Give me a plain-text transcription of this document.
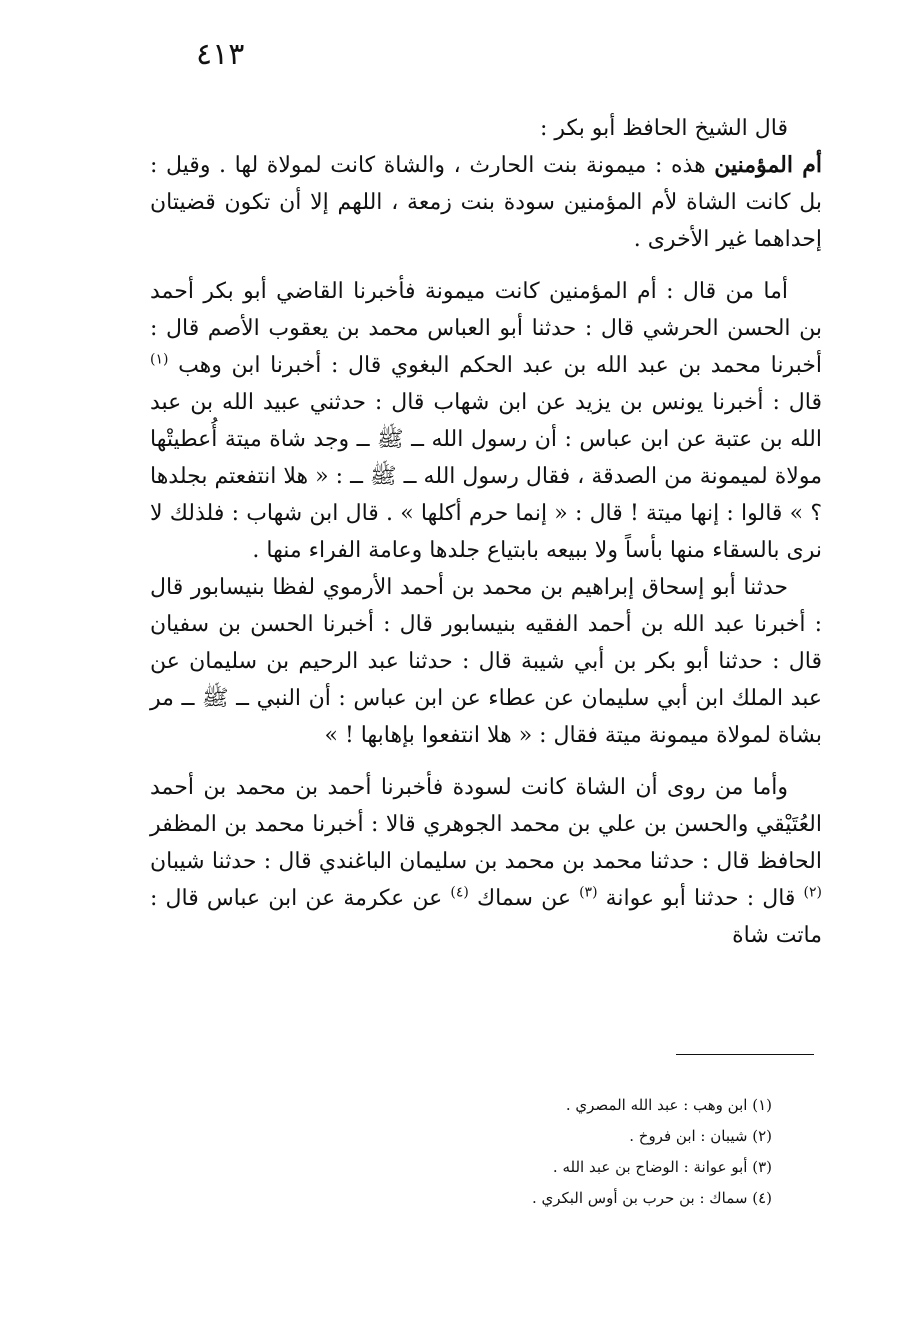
٤١٣

قال الشيخ الحافظ أبو بكر :

أم المؤمنين هذه : ميمونة بنت الحارث ، والشاة كانت لمولاة لها . وقيل : بل كانت الشاة لأم المؤمنين سودة بنت زمعة ، اللهم إلا أن تكون قضيتان إحداهما غير الأخرى .

أما من قال : أم المؤمنين كانت ميمونة فأخبرنا القاضي أبو بكر أحمد بن الحسن الحرشي قال : حدثنا أبو العباس محمد بن يعقوب الأصم قال : أخبرنا محمد بن عبد الله بن عبد الحكم البغوي قال : أخبرنا ابن وهب $^{(١)}$ قال : أخبرنا يونس بن يزيد عن ابن شهاب قال : حدثني عبيد الله بن عبد الله بن عتبة عن ابن عباس : أن رسول الله ــ ﷺ ــ وجد شاة ميتة أُعطيتْها مولاة لميمونة من الصدقة ، فقال رسول الله ــ ﷺ ــ : « هلا انتفعتم بجلدها ؟ » قالوا : إنها ميتة ! قال : « إنما حرم أكلها » . قال ابن شهاب : فلذلك لا نرى بالسقاء منها بأساً ولا ببيعه بابتياع جلدها وعامة الفراء منها .

حدثنا أبو إسحاق إبراهيم بن محمد بن أحمد الأرموي لفظا بنيسابور قال : أخبرنا عبد الله بن أحمد الفقيه بنيسابور قال : أخبرنا الحسن بن سفيان قال : حدثنا أبو بكر بن أبي شيبة قال : حدثنا عبد الرحيم بن سليمان عن عبد الملك ابن أبي سليمان عن عطاء عن ابن عباس : أن النبي ــ ﷺ ــ مر بشاة لمولاة ميمونة ميتة فقال : « هلا انتفعوا بإهابها ! »

وأما من روى أن الشاة كانت لسودة فأخبرنا أحمد بن محمد بن أحمد العُتَيْقي والحسن بن علي بن محمد الجوهري قالا : أخبرنا محمد بن المظفر الحافظ قال : حدثنا محمد بن محمد بن سليمان الباغندي قال : حدثنا شيبان $^{(٢)}$ قال : حدثنا أبو عوانة $^{(٣)}$ عن سماك $^{(٤)}$ عن عكرمة عن ابن عباس قال : ماتت شاة

(١) ابن وهب : عبد الله المصري .

(٢) شيبان : ابن فروخ .

(٣) أبو عوانة : الوضاح بن عبد الله .

(٤) سماك : بن حرب بن أوس البكري .
